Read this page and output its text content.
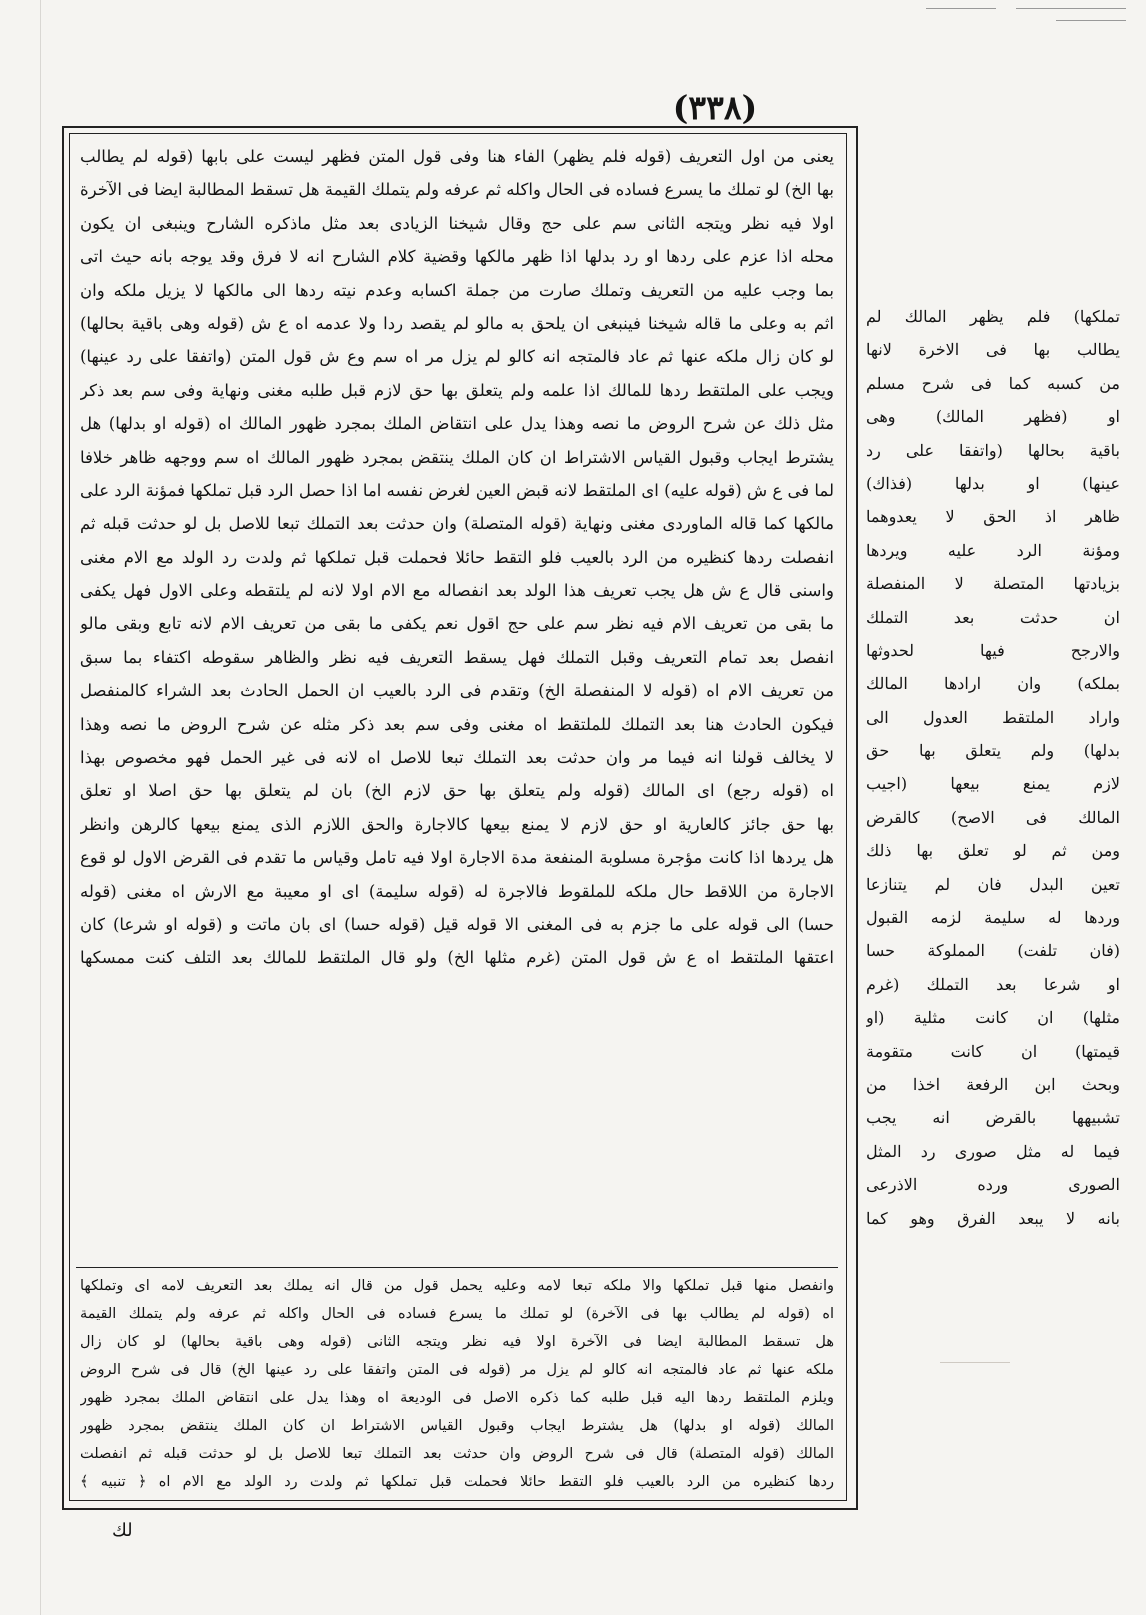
(٣٣٨)
يعنى من اول التعريف (قوله فلم يظهر) الفاء هنا وفى قول المتن فظهر ليست على بابها (قوله لم يطالب
بها الخ) لو تملك ما يسرع فساده فى الحال واكله ثم عرفه ولم يتملك القيمة هل تسقط المطالبة ايضا فى الآخرة
اولا فيه نظر ويتجه الثانى سم على حج وقال شيخنا الزيادى بعد مثل ماذكره الشارح وينبغى ان يكون
محله اذا عزم على ردها او رد بدلها اذا ظهر مالكها وقضية كلام الشارح انه لا فرق وقد يوجه بانه حيث اتى
بما وجب عليه من التعريف وتملك صارت من جملة اكسابه وعدم نيته ردها الى مالكها لا يزيل ملكه وان
اثم به وعلى ما قاله شيخنا فينبغى ان يلحق به مالو لم يقصد ردا ولا عدمه اه ع ش (قوله وهى باقية بحالها)
لو كان زال ملكه عنها ثم عاد فالمتجه انه كالو لم يزل مر اه سم وع ش قول المتن (واتفقا على رد عينها)
ويجب على الملتقط ردها للمالك اذا علمه ولم يتعلق بها حق لازم قبل طلبه مغنى ونهاية وفى سم بعد ذكر
مثل ذلك عن شرح الروض ما نصه وهذا يدل على انتقاض الملك بمجرد ظهور المالك اه (قوله او بدلها) هل
يشترط ايجاب وقبول القياس الاشتراط ان كان الملك ينتقض بمجرد ظهور المالك اه سم ووجهه ظاهر خلافا
لما فى ع ش (قوله عليه) اى الملتقط لانه قبض العين لغرض نفسه اما اذا حصل الرد قبل تملكها فمؤنة الرد على
مالكها كما قاله الماوردى مغنى ونهاية (قوله المتصلة) وان حدثت بعد التملك تبعا للاصل بل لو حدثت قبله ثم
انفصلت ردها كنظيره من الرد بالعيب فلو التقط حائلا فحملت قبل تملكها ثم ولدت رد الولد مع الام مغنى
واسنى قال ع ش هل يجب تعريف هذا الولد بعد انفصاله مع الام اولا لانه لم يلتقطه وعلى الاول فهل يكفى
ما بقى من تعريف الام فيه نظر سم على حج اقول نعم يكفى ما بقى من تعريف الام لانه تابع وبقى مالو
انفصل بعد تمام التعريف وقبل التملك فهل يسقط التعريف فيه نظر والظاهر سقوطه اكتفاء بما سبق
من تعريف الام اه (قوله لا المنفصلة الخ) وتقدم فى الرد بالعيب ان الحمل الحادث بعد الشراء كالمنفصل
فيكون الحادث هنا بعد التملك للملتقط اه مغنى وفى سم بعد ذكر مثله عن شرح الروض ما نصه وهذا
لا يخالف قولنا انه فيما مر وان حدثت بعد التملك تبعا للاصل اه لانه فى غير الحمل فهو مخصوص بهذا
اه (قوله رجع) اى المالك (قوله ولم يتعلق بها حق لازم الخ) بان لم يتعلق بها حق اصلا او تعلق
بها حق جائز كالعارية او حق لازم لا يمنع بيعها كالاجارة والحق اللازم الذى يمنع بيعها كالرهن وانظر
هل يردها اذا كانت مؤجرة مسلوبة المنفعة مدة الاجارة اولا فيه تامل وقياس ما تقدم فى القرض الاول لو قوع
الاجارة من اللاقط حال ملكه للملقوط فالاجرة له (قوله سليمة) اى او معيبة مع الارش اه مغنى (قوله
حسا) الى قوله على ما جزم به فى المغنى الا قوله قيل (قوله حسا) اى بان ماتت و (قوله او شرعا) كان
اعتقها الملتقط اه ع ش قول المتن (غرم مثلها الخ) ولو قال الملتقط للمالك بعد التلف كنت ممسكها
وانفصل منها قبل تملكها والا ملكه تبعا لامه وعليه يحمل قول من قال انه يملك بعد التعريف لامه اى وتملكها
اه (قوله لم يطالب بها فى الآخرة) لو تملك ما يسرع فساده فى الحال واكله ثم عرفه ولم يتملك القيمة
هل تسقط المطالبة ايضا فى الآخرة اولا فيه نظر ويتجه الثانى (قوله وهى باقية بحالها) لو كان زال
ملكه عنها ثم عاد فالمتجه انه كالو لم يزل مر (قوله فى المتن واتفقا على رد عينها الخ) قال فى شرح الروض
ويلزم الملتقط ردها اليه قبل طلبه كما ذكره الاصل فى الوديعة اه وهذا يدل على انتقاض الملك بمجرد ظهور
المالك (قوله او بدلها) هل يشترط ايجاب وقبول القياس الاشتراط ان كان الملك ينتقض بمجرد ظهور
المالك (قوله المتصلة) قال فى شرح الروض وان حدثت بعد التملك تبعا للاصل بل لو حدثت قبله ثم انفصلت
ردها كنظيره من الرد بالعيب فلو التقط حائلا فحملت قبل تملكها ثم ولدت رد الولد مع الام اه ﴿ تنبيه ﴾
تملكها) فلم يظهر المالك لم
يطالب بها فى الاخرة لانها
من كسبه كما فى شرح مسلم
او (فظهر المالك) وهى
باقية بحالها (واتفقا على رد
عينها) او بدلها (فذاك)
ظاهر اذ الحق لا يعدوهما
ومؤنة الرد عليه ويردها
بزيادتها المتصلة لا المنفصلة
ان حدثت بعد التملك
والارجح فيها لحدوثها
بملكه) وان ارادها المالك
واراد الملتقط العدول الى
بدلها) ولم يتعلق بها حق
لازم يمنع بيعها (اجيب
المالك فى الاصح) كالقرض
ومن ثم لو تعلق بها ذلك
تعين البدل فان لم يتنازعا
وردها له سليمة لزمه القبول
(فان تلفت) المملوكة حسا
او شرعا بعد التملك (غرم
مثلها) ان كانت مثلية (او
قيمتها) ان كانت متقومة
وبحث ابن الرفعة اخذا من
تشبيهها بالقرض انه يجب
فيما له مثل صورى رد المثل
الصورى ورده الاذرعى
بانه لا يبعد الفرق وهو كما
لك
